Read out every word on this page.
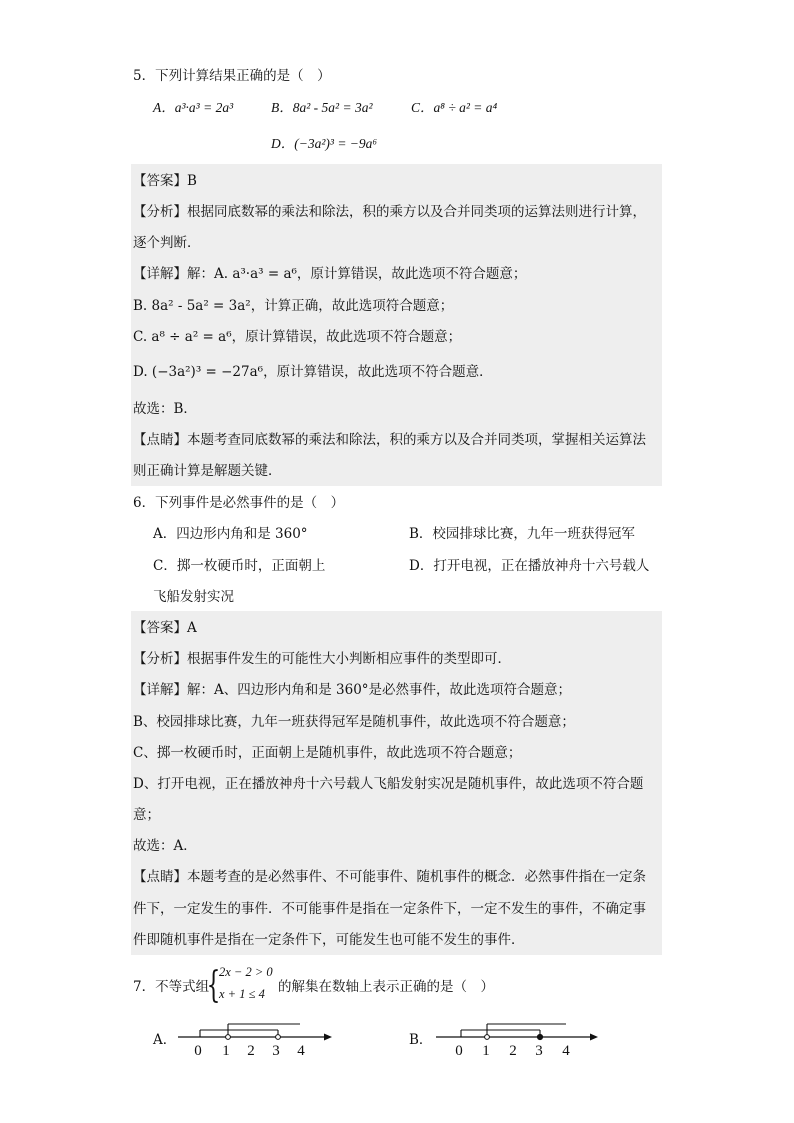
5．下列计算结果正确的是（　）
A．a³·a³ = 2a³	B．8a² - 5a² = 3a²	C．a⁸ ÷ a² = a⁴
D．(−3a²)³ = −9a⁶
【答案】B
【分析】根据同底数幂的乘法和除法，积的乘方以及合并同类项的运算法则进行计算，
逐个判断．
【详解】解：A. a³·a³ = a⁶，原计算错误，故此选项不符合题意；
B. 8a² - 5a² = 3a²，计算正确，故此选项符合题意；
C. a⁸ ÷ a² = a⁶，原计算错误，故此选项不符合题意；
D. (−3a²)³ = −27a⁶，原计算错误，故此选项不符合题意．
故选：B．
【点睛】本题考查同底数幂的乘法和除法，积的乘方以及合并同类项，掌握相关运算法
则正确计算是解题关键．
6．下列事件是必然事件的是（　）
A．四边形内角和是 360°	B．校园排球比赛，九年一班获得冠军
C．掷一枚硬币时，正面朝上	D．打开电视，正在播放神舟十六号载人
飞船发射实况
【答案】A
【分析】根据事件发生的可能性大小判断相应事件的类型即可．
【详解】解：A、四边形内角和是 360°是必然事件，故此选项符合题意；
B、校园排球比赛，九年一班获得冠军是随机事件，故此选项不符合题意；
C、掷一枚硬币时，正面朝上是随机事件，故此选项不符合题意；
D、打开电视，正在播放神舟十六号载人飞船发射实况是随机事件，故此选项不符合题
意；
故选：A．
【点睛】本题考查的是必然事件、不可能事件、随机事件的概念．必然事件指在一定条
件下，一定发生的事件．不可能事件是指在一定条件下，一定不发生的事件，不确定事
件即随机事件是指在一定条件下，可能发生也可能不发生的事件．
7．不等式组
{
2x − 2 > 0
x + 1 ≤ 4 的解集在数轴上表示正确的是（　）
A．
0 1 2 3 4
B．
0 1 2 3 4
